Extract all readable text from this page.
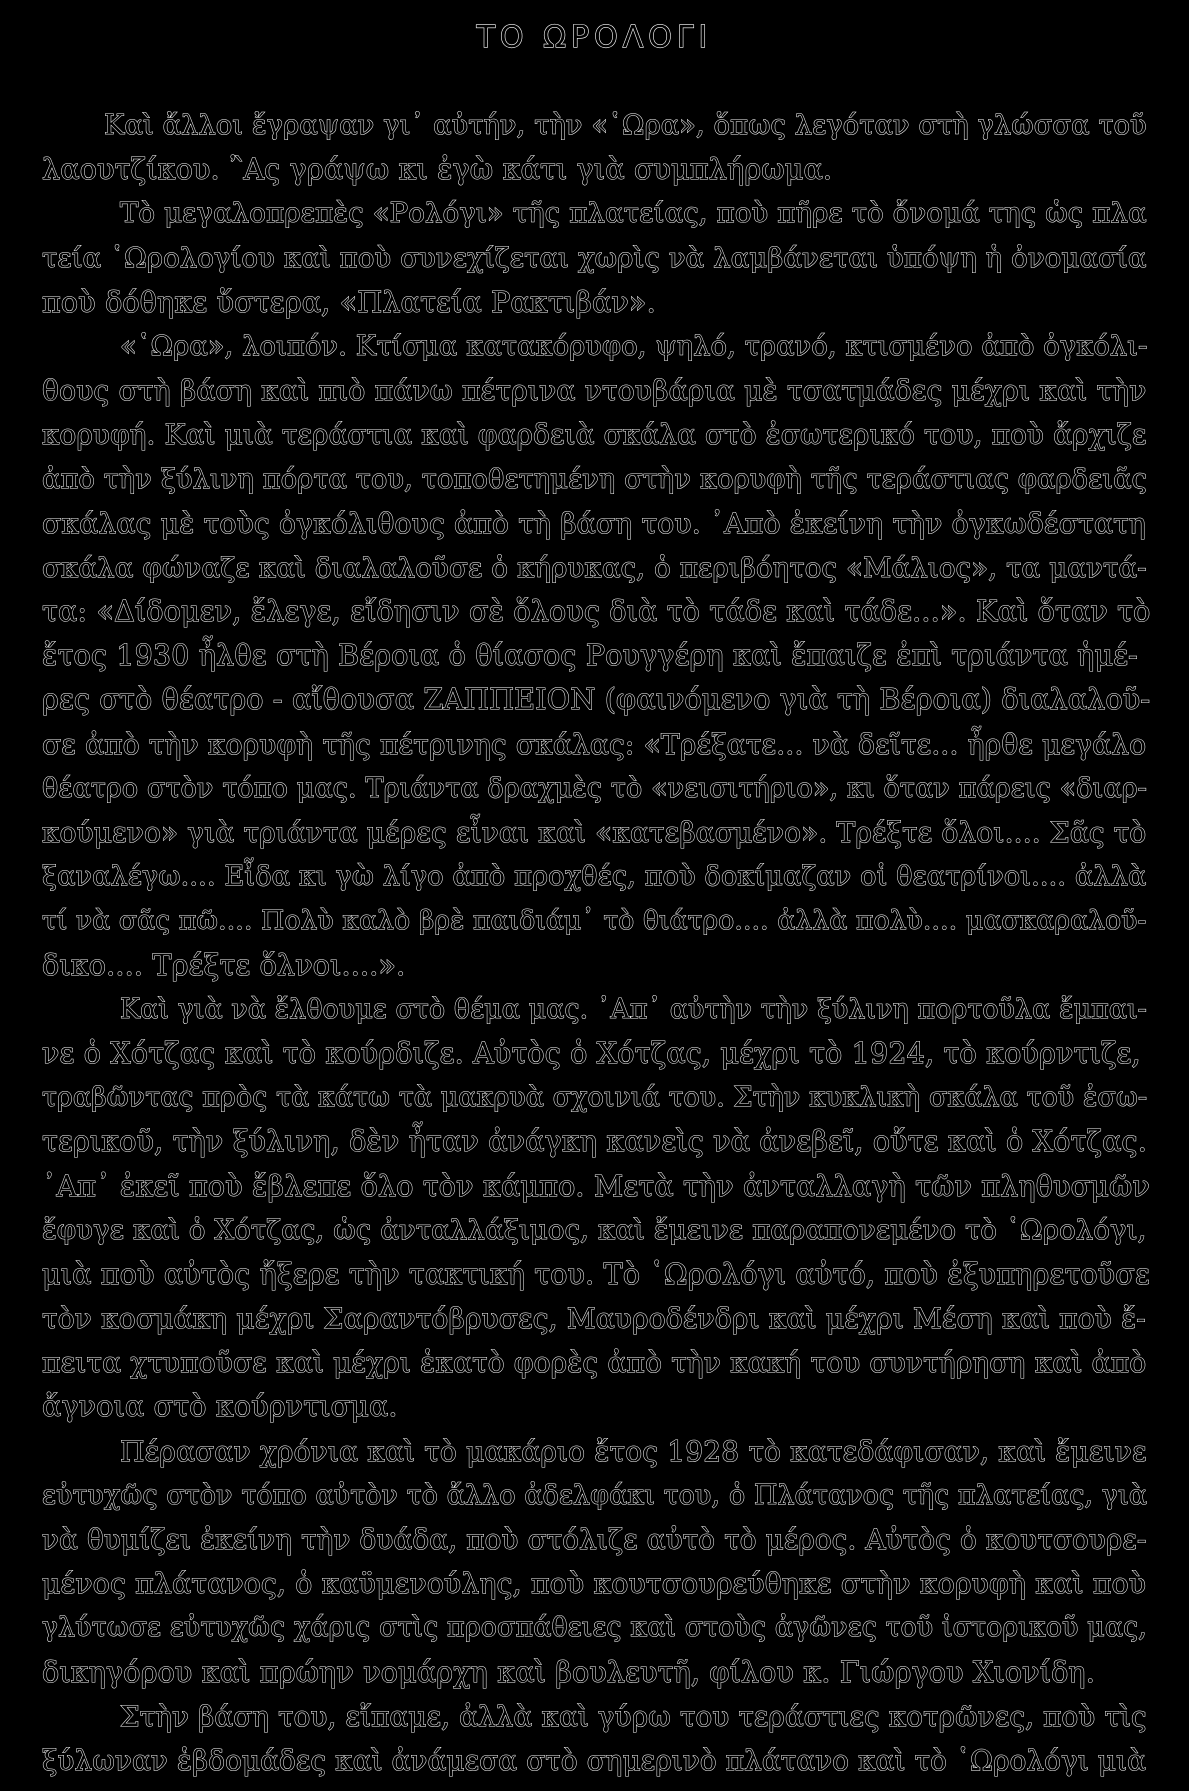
ΤΟ ΩΡΟΛΟΓΙ
Καὶ ἄλλοι ἔγραψαν γι᾽ αὐτήν, τὴν «῾Ωρα», ὅπως λεγόταν στὴ γλώσσα τοῦ
λαουτζίκου. ῍Ας γράψω κι ἐγὼ κάτι γιὰ συμπλήρωμα.
Τὸ μεγαλοπρεπὲς «Ρολόγι» τῆς πλατείας, ποὺ πῆρε τὸ ὄνομά της ὡς πλα
τεία ῾Ωρολογίου καὶ ποὺ συνεχίζεται χωρὶς νὰ λαμβάνεται ὑπόψη ἡ ὀνομασία
ποὺ δόθηκε ὕστερα, «Πλατεία Ρακτιβάν».
«῾Ωρα», λοιπόν. Κτίσμα κατακόρυφο, ψηλό, τρανό, κτισμένο ἀπὸ ὀγκόλι-
θους στὴ βάση καὶ πιὸ πάνω πέτρινα ντουβάρια μὲ τσατμάδες μέχρι καὶ τὴν
κορυφή. Καὶ μιὰ τεράστια καὶ φαρδειὰ σκάλα στὸ ἐσωτερικό του, ποὺ ἄρχιζε
ἀπὸ τὴν ξύλινη πόρτα του, τοποθετημένη στὴν κορυφὴ τῆς τεράστιας φαρδειᾶς
σκάλας μὲ τοὺς ὀγκόλιθους ἀπὸ τὴ βάση του. ᾽Απὸ ἐκείνη τὴν ὀγκωδέστατη
σκάλα φώναζε καὶ διαλαλοῦσε ὁ κήρυκας, ὁ περιβόητος «Μάλιος», τα μαντά-
τα: «Δίδομεν, ἔλεγε, εἴδησιν σὲ ὅλους διὰ τὸ τάδε καὶ τάδε...». Καὶ ὅταν τὸ
ἔτος 1930 ἦλθε στὴ Βέροια ὁ θίασος Ρουγγέρη καὶ ἔπαιζε ἐπὶ τριάντα ἡμέ-
ρες στὸ θέατρο - αἴθουσα ΖΑΠΠΕΙΟΝ (φαινόμενο γιὰ τὴ Βέροια) διαλαλοῦ-
σε ἀπὸ τὴν κορυφὴ τῆς πέτρινης σκάλας: «Τρέξατε... νὰ δεῖτε... ἦρθε μεγάλο
θέατρο στὸν τόπο μας. Τριάντα δραχμὲς τὸ «νεισιτήριο», κι ὅταν πάρεις «διαρ-
κούμενο» γιὰ τριάντα μέρες εἶναι καὶ «κατεβασμένο». Τρέξτε ὅλοι.... Σᾶς τὸ
ξαναλέγω.... Εἶδα κι γὼ λίγο ἀπὸ προχθές, ποὺ δοκίμαζαν οἱ θεατρίνοι.... ἀλλὰ
τί νὰ σᾶς πῶ.... Πολὺ καλὸ βρὲ παιδιάμ᾽ τὸ θιάτρο.... ἀλλὰ πολὺ.... μασκαραλοῦ-
δικο.... Τρέξτε ὅλνοι....».
Καὶ γιὰ νὰ ἔλθουμε στὸ θέμα μας. ᾽Απ᾽ αὐτὴν τὴν ξύλινη πορτοῦλα ἔμπαι-
νε ὁ Χότζας καὶ τὸ κούρδιζε. Αὐτὸς ὁ Χότζας, μέχρι τὸ 1924, τὸ κούρντιζε,
τραβῶντας πρὸς τὰ κάτω τὰ μακρυὰ σχοινιά του. Στὴν κυκλικὴ σκάλα τοῦ ἐσω-
τερικοῦ, τὴν ξύλινη, δὲν ἦταν ἀνάγκη κανεὶς νὰ ἀνεβεῖ, οὔτε καὶ ὁ Χότζας.
᾽Απ᾽ ἐκεῖ ποὺ ἔβλεπε ὅλο τὸν κάμπο. Μετὰ τὴν ἀνταλλαγὴ τῶν πληθυσμῶν
ἔφυγε καὶ ὁ Χότζας, ὡς ἀνταλλάξιμος, καὶ ἔμεινε παραπονεμένο τὸ ῾Ωρολόγι,
μιὰ ποὺ αὐτὸς ἤξερε τὴν τακτική του. Τὸ ῾Ωρολόγι αὐτό, ποὺ ἐξυπηρετοῦσε
τὸν κοσμάκη μέχρι Σαραντόβρυσες, Μαυροδένδρι καὶ μέχρι Μέση καὶ ποὺ ἔ-
πειτα χτυποῦσε καὶ μέχρι ἑκατὸ φορὲς ἀπὸ τὴν κακή του συντήρηση καὶ ἀπὸ
ἄγνοια στὸ κούρντισμα.
Πέρασαν χρόνια καὶ τὸ μακάριο ἔτος 1928 τὸ κατεδάφισαν, καὶ ἔμεινε
εὐτυχῶς στὸν τόπο αὐτὸν τὸ ἄλλο ἀδελφάκι του, ὁ Πλάτανος τῆς πλατείας, γιὰ
νὰ θυμίζει ἐκείνη τὴν δυάδα, ποὺ στόλιζε αὐτὸ τὸ μέρος. Αὐτὸς ὁ κουτσουρε-
μένος πλάτανος, ὁ καϋμενούλης, ποὺ κουτσουρεύθηκε στὴν κορυφὴ καὶ ποὺ
γλύτωσε εὐτυχῶς χάρις στὶς προσπάθειες καὶ στοὺς ἀγῶνες τοῦ ἱστορικοῦ μας,
δικηγόρου καὶ πρώην νομάρχη καὶ βουλευτῆ, φίλου κ. Γιώργου Χιονίδη.
Στὴν βάση του, εἴπαμε, ἀλλὰ καὶ γύρω του τεράστιες κοτρῶνες, ποὺ τὶς
ξύλωναν ἑβδομάδες καὶ ἀνάμεσα στὸ σημερινὸ πλάτανο καὶ τὸ ῾Ωρολόγι μιὰ
